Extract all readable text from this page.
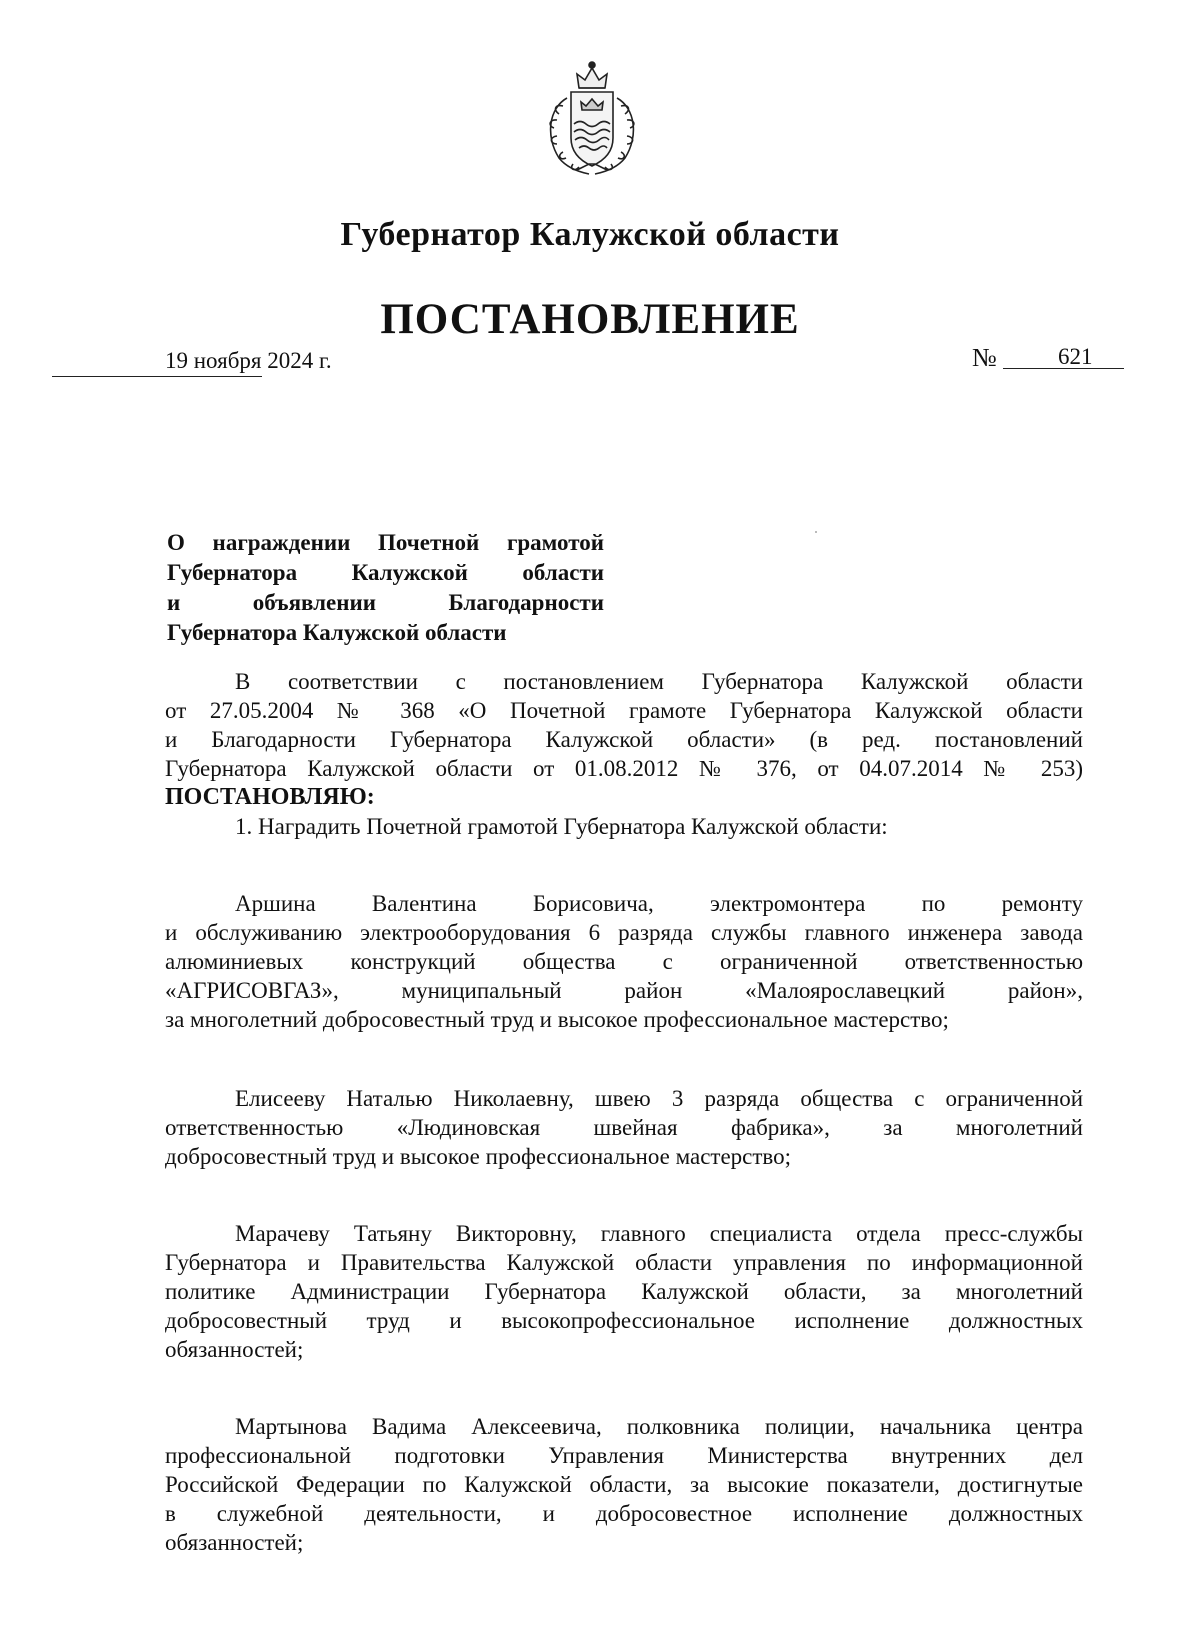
Губернатор Калужской области
ПОСТАНОВЛЕНИЕ
19 ноября 2024 г.	№	621
О награждении Почетной грамотой
Губернатора Калужской области
и объявлении Благодарности
Губернатора Калужской области
В соответствии с постановлением Губернатора Калужской области
от 27.05.2004 № 368 «О Почетной грамоте Губернатора Калужской области
и Благодарности Губернатора Калужской области» (в ред. постановлений
Губернатора Калужской области от 01.08.2012 № 376, от 04.07.2014 № 253)
ПОСТАНОВЛЯЮ:
1. Наградить Почетной грамотой Губернатора Калужской области:
Аршина Валентина Борисовича, электромонтера по ремонту
и обслуживанию электрооборудования 6 разряда службы главного инженера завода
алюминиевых конструкций общества с ограниченной ответственностью
«АГРИСОВГАЗ», муниципальный район «Малоярославецкий район»,
за многолетний добросовестный труд и высокое профессиональное мастерство;
Елисееву Наталью Николаевну, швею 3 разряда общества с ограниченной
ответственностью «Людиновская швейная фабрика», за многолетний
добросовестный труд и высокое профессиональное мастерство;
Марачеву Татьяну Викторовну, главного специалиста отдела пресс-службы
Губернатора и Правительства Калужской области управления по информационной
политике Администрации Губернатора Калужской области, за многолетний
добросовестный труд и высокопрофессиональное исполнение должностных
обязанностей;
Мартынова Вадима Алексеевича, полковника полиции, начальника центра
профессиональной подготовки Управления Министерства внутренних дел
Российской Федерации по Калужской области, за высокие показатели, достигнутые
в служебной деятельности, и добросовестное исполнение должностных
обязанностей;
